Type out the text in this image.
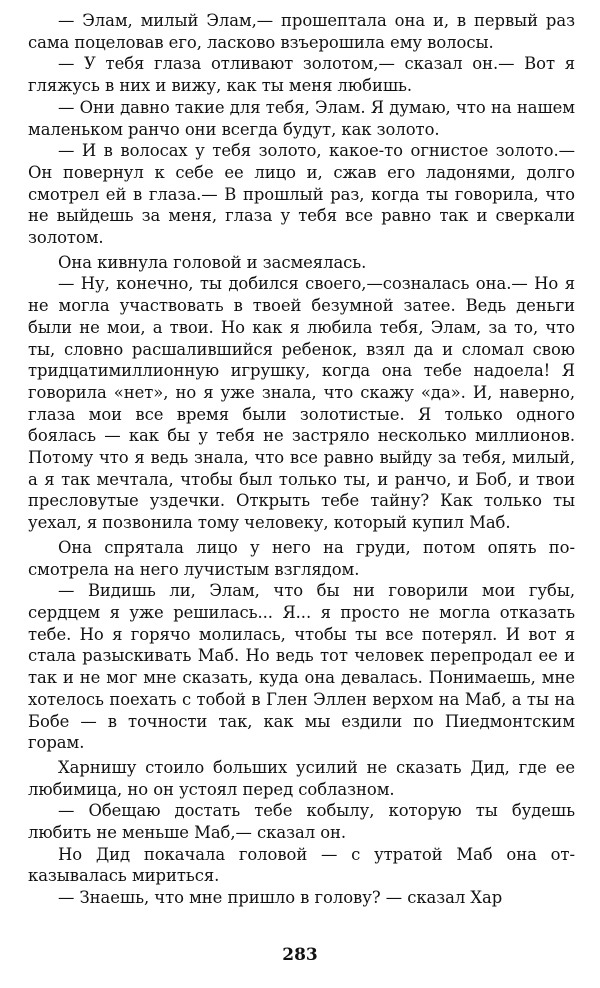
— Элам, милый Элам,— прошептала она и, в первый раз сама поцеловав его, ласково взъерошила ему волосы.

— У тебя глаза отливают золотом,— сказал он.— Вот я гляжусь в них и вижу, как ты меня любишь.

— Они давно такие для тебя, Элам. Я думаю, что на нашем маленьком ранчо они всегда будут, как золото.

— И в волосах у тебя золото, какое-то огнистое золото.— Он повернул к себе ее лицо и, сжав его ладонями, долго смотрел ей в глаза.— В прошлый раз, когда ты говорила, что не выйдешь за меня, глаза у тебя все равно так и сверкали золотом.

Она кивнула головой и засмеялась.

— Ну, конечно, ты добился своего,—созналась она.— Но я не могла участвовать в твоей безумной затее. Ведь деньги были не мои, а твои. Но как я любила тебя, Элам, за то, что ты, словно расшалившийся ребенок, взял да и сломал свою тридцатимиллионную игрушку, когда она тебе надоела! Я говорила «нет», но я уже знала, что скажу «да». И, наверно, глаза мои все время были золотистые. Я только одного боялась — как бы у тебя не застряло несколько миллионов. Потому что я ведь знала, что все равно выйду за тебя, милый, а я так мечтала, чтобы был только ты, и ранчо, и Боб, и твои пресловутые уздечки. Открыть тебе тайну? Как только ты уехал, я позвонила тому человеку, который купил Маб.

Она спрятала лицо у него на груди, потом опять посмотрела на него лучистым взглядом.

— Видишь ли, Элам, что бы ни говорили мои губы, сердцем я уже решилась... Я... я просто не могла отказать тебе. Но я горячо молилась, чтобы ты все потерял. И вот я стала разыскивать Маб. Но ведь тот человек перепродал ее и так и не мог мне сказать, куда она девалась. Понимаешь, мне хотелось поехать с тобой в Глен Эллен верхом на Маб, а ты на Бобе — в точности так, как мы ездили по Пиедмонтским горам.

Харнишу стоило больших усилий не сказать Дид, где ее любимица, но он устоял перед соблазном.

— Обещаю достать тебе кобылу, которую ты будешь любить не меньше Маб,— сказал он.

Но Дид покачала головой — с утратой Маб она отказывалась мириться.

— Знаешь, что мне пришло в голову? — сказал Хар

283
